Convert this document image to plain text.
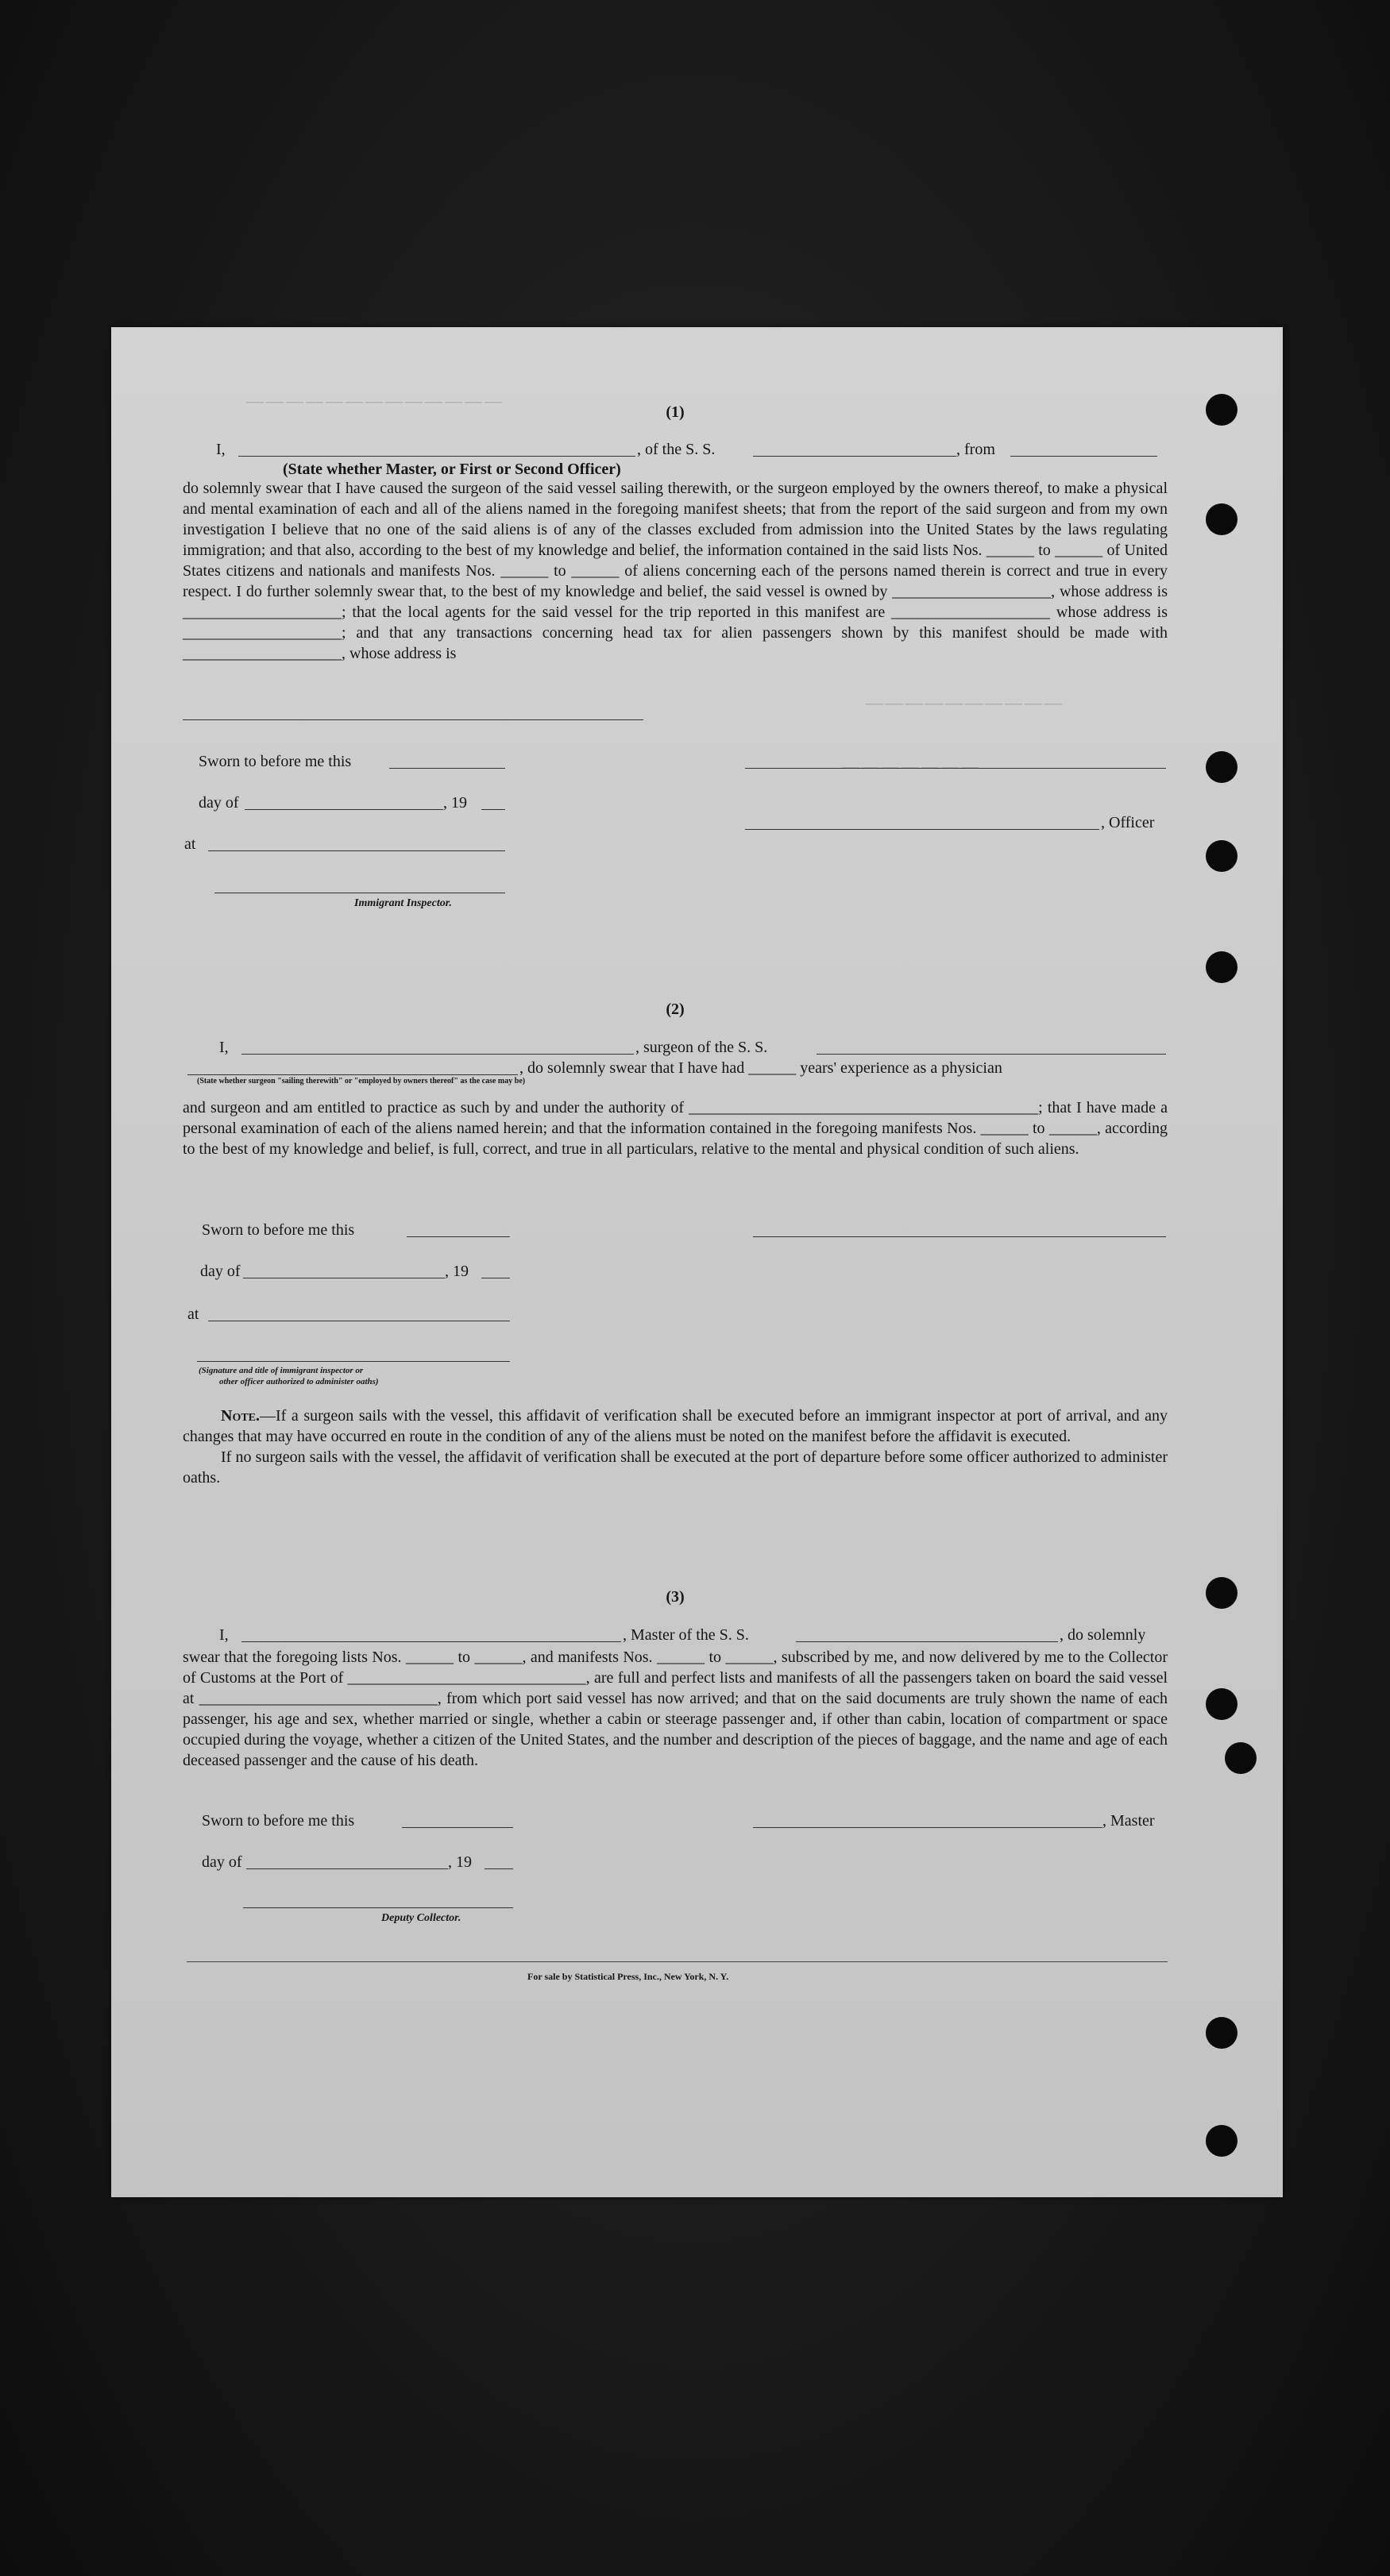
—————————————
——————————
———————
(1)
I,	, of the S. S.	, from
(State whether Master, or First or Second Officer)

do solemnly swear that I have caused the surgeon of the said vessel sailing therewith, or the surgeon employed by the owners thereof, to make a physical and mental examination of each and all of the aliens named in the foregoing manifest sheets; that from the report of the said surgeon and from my own investigation I believe that no one of the said aliens is of any of the classes excluded from admission into the United States by the laws regulating immigration; and that also, according to the best of my knowledge and belief, the information contained in the said lists Nos. ______ to ______ of United States citizens and nationals and manifests Nos. ______ to ______ of aliens concerning each of the persons named therein is correct and true in every respect. I do further solemnly swear that, to the best of my knowledge and belief, the said vessel is owned by ____________________, whose address is ____________________; that the local agents for the said vessel for the trip reported in this manifest are ____________________ whose address is ____________________; and that any transactions concerning head tax for alien passengers shown by this manifest should be made with ____________________, whose address is

Sworn to before me this
day of	, 19
, Officer
at
Immigrant Inspector.
(2)
I,	, surgeon of the S. S.
, do solemnly swear that I have had ______ years' experience as a physician
(State whether surgeon "sailing therewith" or "employed by owners thereof" as the case may be)

and surgeon and am entitled to practice as such by and under the authority of ____________________________________________; that I have made a personal examination of each of the aliens named herein; and that the information contained in the foregoing manifests Nos. ______ to ______, according to the best of my knowledge and belief, is full, correct, and true in all particulars, relative to the mental and physical condition of such aliens.

Sworn to before me this
day of	, 19
at
(Signature and title of immigrant inspector or
other officer authorized to administer oaths)

Note.—If a surgeon sails with the vessel, this affidavit of verification shall be executed before an immigrant inspector at port of arrival, and any changes that may have occurred en route in the condition of any of the aliens must be noted on the manifest before the affidavit is executed.

If no surgeon sails with the vessel, the affidavit of verification shall be executed at the port of departure before some officer authorized to administer oaths.

(3)
I,	, Master of the S. S.	, do solemnly

swear that the foregoing lists Nos. ______ to ______, and manifests Nos. ______ to ______, subscribed by me, and now delivered by me to the Collector of Customs at the Port of ______________________________, are full and perfect lists and manifests of all the passengers taken on board the said vessel at ______________________________, from which port said vessel has now arrived; and that on the said documents are truly shown the name of each passenger, his age and sex, whether married or single, whether a cabin or steerage passenger and, if other than cabin, location of compartment or space occupied during the voyage, whether a citizen of the United States, and the number and description of the pieces of baggage, and the name and age of each deceased passenger and the cause of his death.

Sworn to before me this	, Master
day of	, 19
Deputy Collector.
For sale by Statistical Press, Inc., New York, N. Y.
